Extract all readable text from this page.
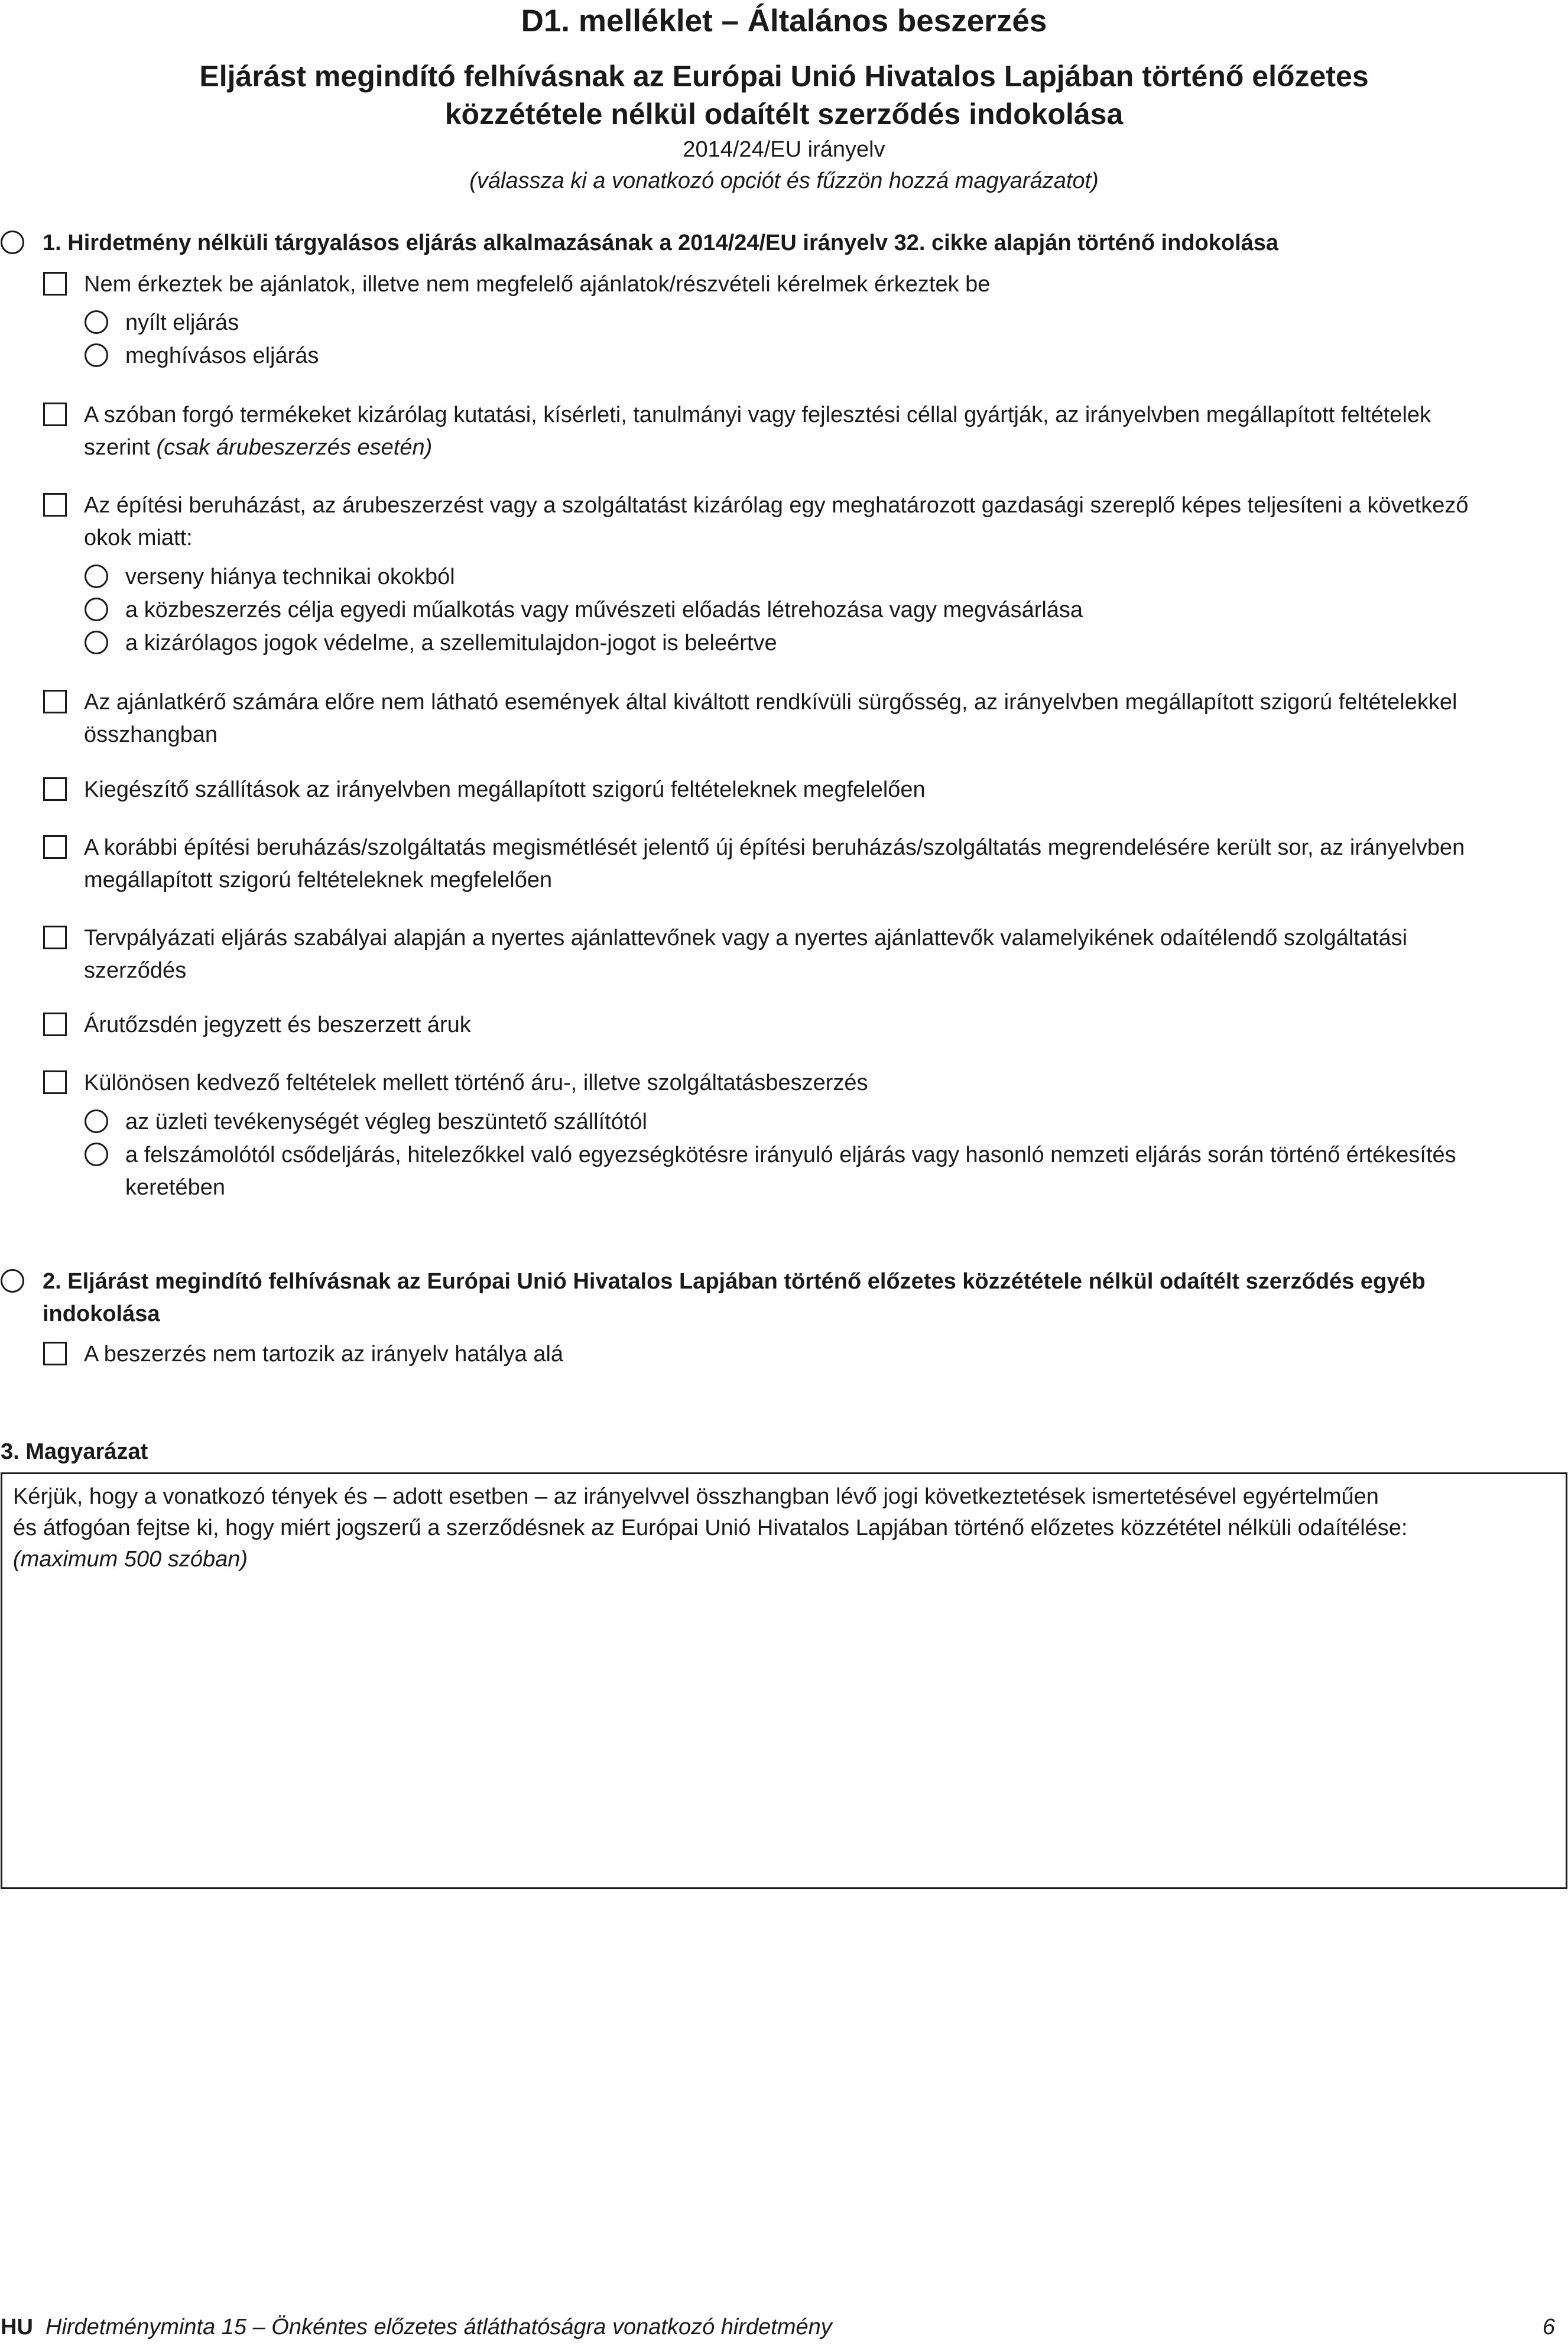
D1. melléklet – Általános beszerzés
Eljárást megindító felhívásnak az Európai Unió Hivatalos Lapjában történő előzetes
közzététele nélkül odaítélt szerződés indokolása
2014/24/EU irányelv
(válassza ki a vonatkozó opciót és fűzzön hozzá magyarázatot)
1. Hirdetmény nélküli tárgyalásos eljárás alkalmazásának a 2014/24/EU irányelv 32. cikke alapján történő indokolása
Nem érkeztek be ajánlatok, illetve nem megfelelő ajánlatok/részvételi kérelmek érkeztek be
nyílt eljárás
meghívásos eljárás
A szóban forgó termékeket kizárólag kutatási, kísérleti, tanulmányi vagy fejlesztési céllal gyártják, az irányelvben megállapított feltételek
szerint (csak árubeszerzés esetén)
Az építési beruházást, az árubeszerzést vagy a szolgáltatást kizárólag egy meghatározott gazdasági szereplő képes teljesíteni a következő
okok miatt:
verseny hiánya technikai okokból
a közbeszerzés célja egyedi műalkotás vagy művészeti előadás létrehozása vagy megvásárlása
a kizárólagos jogok védelme, a szellemitulajdon-jogot is beleértve
Az ajánlatkérő számára előre nem látható események által kiváltott rendkívüli sürgősség, az irányelvben megállapított szigorú feltételekkel
összhangban
Kiegészítő szállítások az irányelvben megállapított szigorú feltételeknek megfelelően
A korábbi építési beruházás/szolgáltatás megismétlését jelentő új építési beruházás/szolgáltatás megrendelésére került sor, az irányelvben
megállapított szigorú feltételeknek megfelelően
Tervpályázati eljárás szabályai alapján a nyertes ajánlattevőnek vagy a nyertes ajánlattevők valamelyikének odaítélendő szolgáltatási
szerződés
Árutőzsdén jegyzett és beszerzett áruk
Különösen kedvező feltételek mellett történő áru-, illetve szolgáltatásbeszerzés
az üzleti tevékenységét végleg beszüntető szállítótól
a felszámolótól csődeljárás, hitelezőkkel való egyezségkötésre irányuló eljárás vagy hasonló nemzeti eljárás során történő értékesítés
keretében
2. Eljárást megindító felhívásnak az Európai Unió Hivatalos Lapjában történő előzetes közzététele nélkül odaítélt szerződés egyéb
indokolása
A beszerzés nem tartozik az irányelv hatálya alá
3. Magyarázat
Kérjük, hogy a vonatkozó tények és – adott esetben – az irányelvvel összhangban lévő jogi következtetések ismertetésével egyértelműen
és átfogóan fejtse ki, hogy miért jogszerű a szerződésnek az Európai Unió Hivatalos Lapjában történő előzetes közzététel nélküli odaítélése:
(maximum 500 szóban)
HU Hirdetményminta 15 – Önkéntes előzetes átláthatóságra vonatkozó hirdetmény	6
